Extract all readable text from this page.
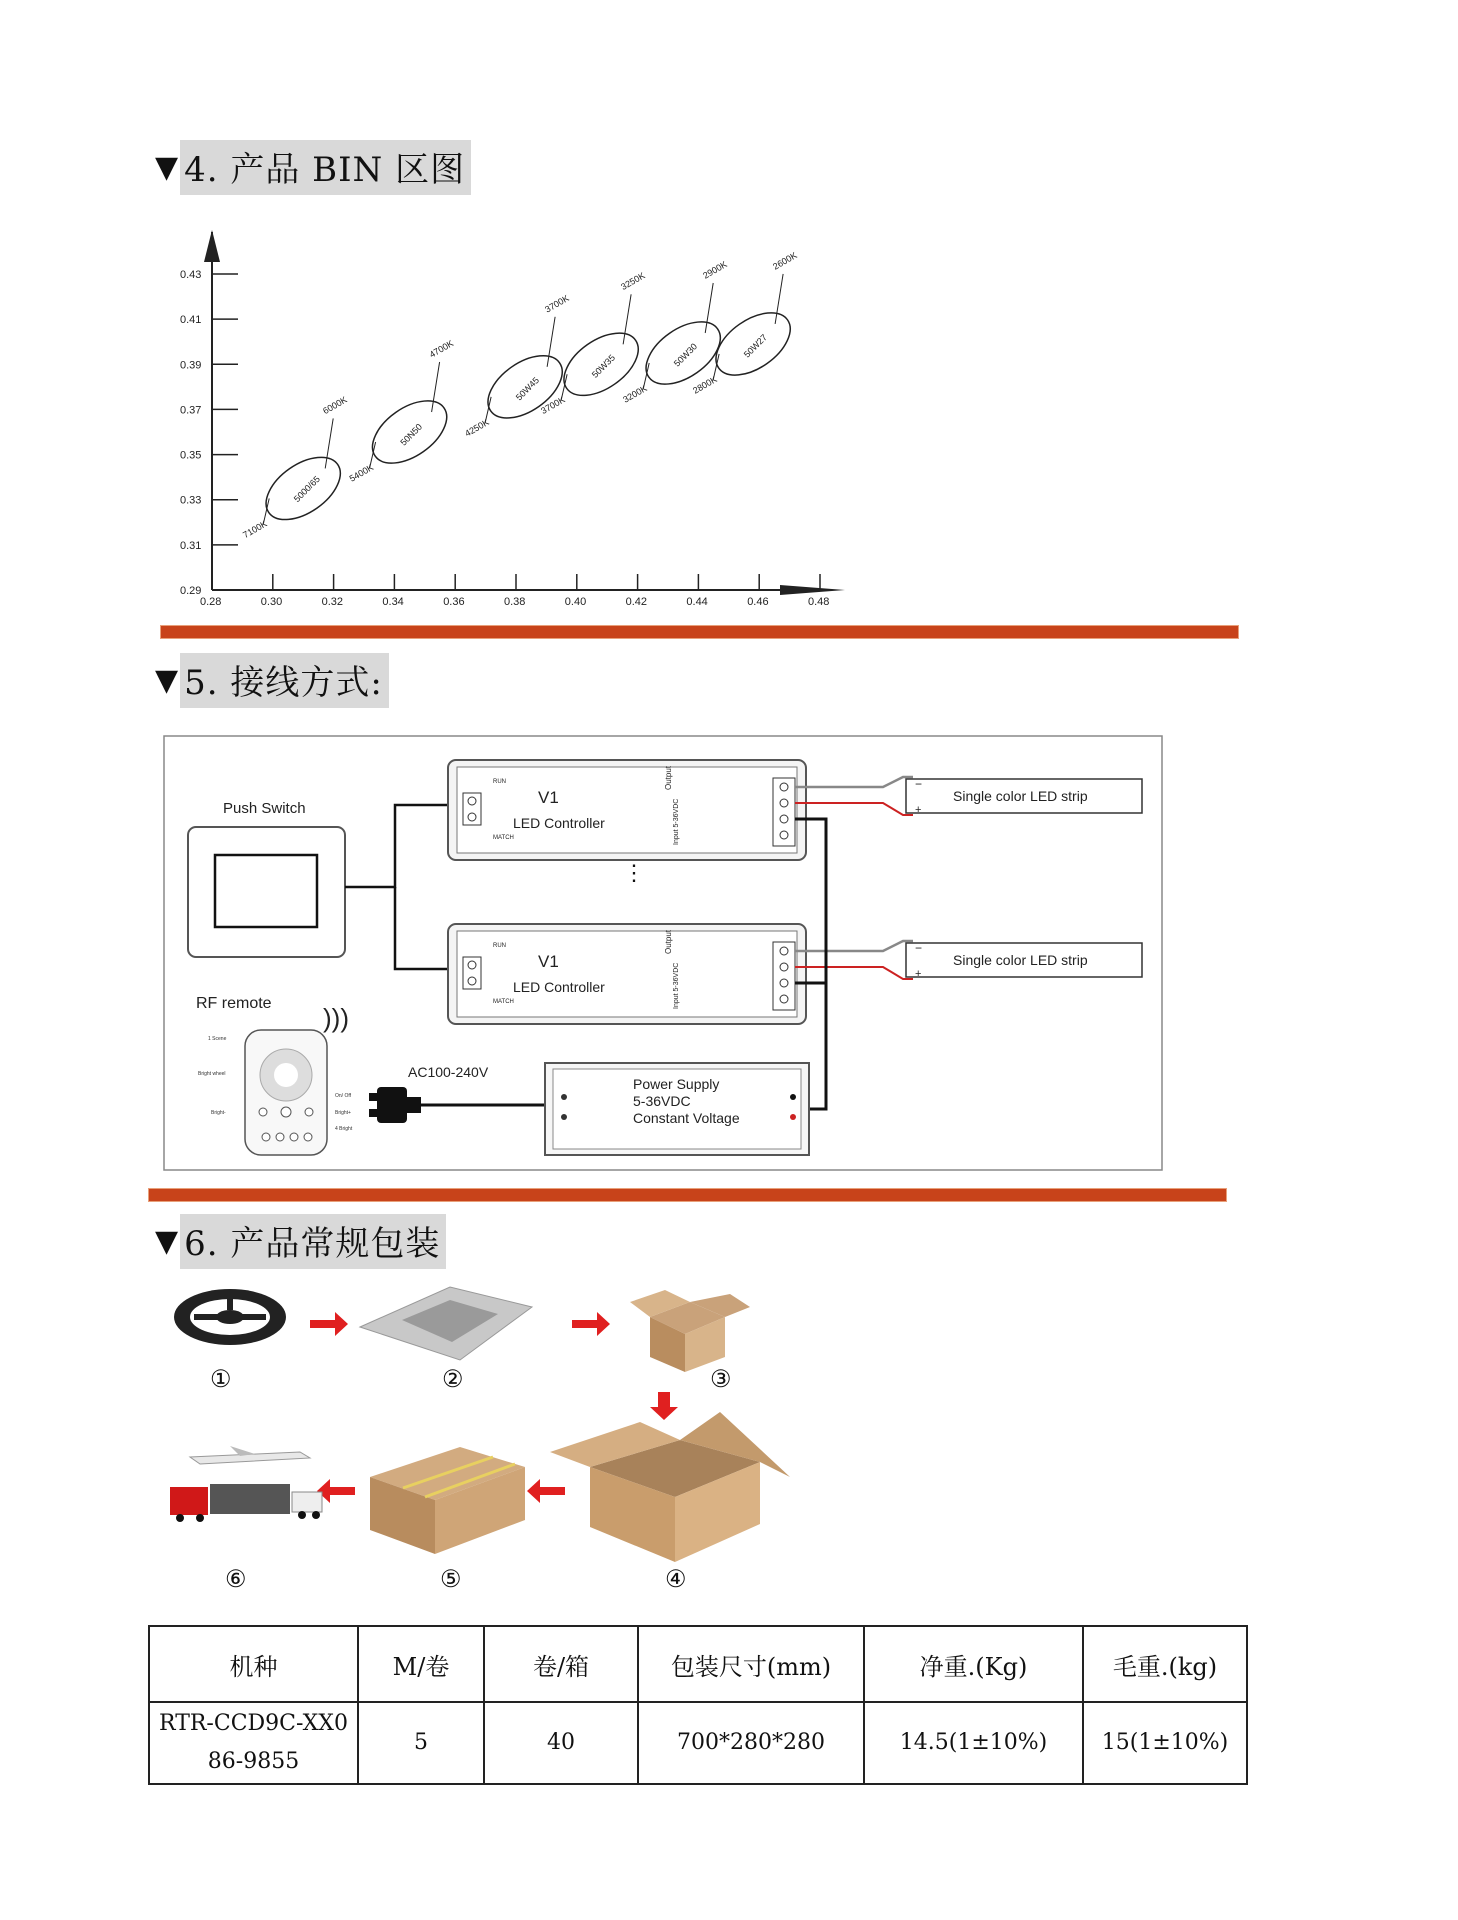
▼ 4. 产品 BIN 区图
0.28	0.30	0.32	0.34	0.36	0.38	0.40	0.42	0.44	0.46	0.48
0.29
0.31
0.33
0.35
0.37
0.39
0.41
0.43
5000/65
6000K
7100K
50N50
4700K
5400K
50W45
3700K
4250K
50W35
3250K
3700K
50W30
2900K
3200K
50W27
2600K
2800K
▼ 5. 接线方式:
Push Switch
RUN
MATCH
V1
LED Controller
Output
Input 5-36VDC
⋮
RUN
MATCH
V1
LED Controller
Output
Input 5-36VDC
−
+
Single color LED strip
−
+
Single color LED strip
RF remote )))
1 Scene
Bright wheel
On/ Off
Bright-	Bright+
4 Bright
AC100-240V
Power Supply
5-36VDC
Constant Voltage
▼ 6. 产品常规包装
①	②	③
④
⑤
⑥
机种	M/卷	卷/箱	包装尺寸(mm)	净重.(Kg)	毛重.(kg)

RTR-CCD9C-XX0
86-9855	5	40	700*280*280	14.5(1±10%)	15(1±10%)
